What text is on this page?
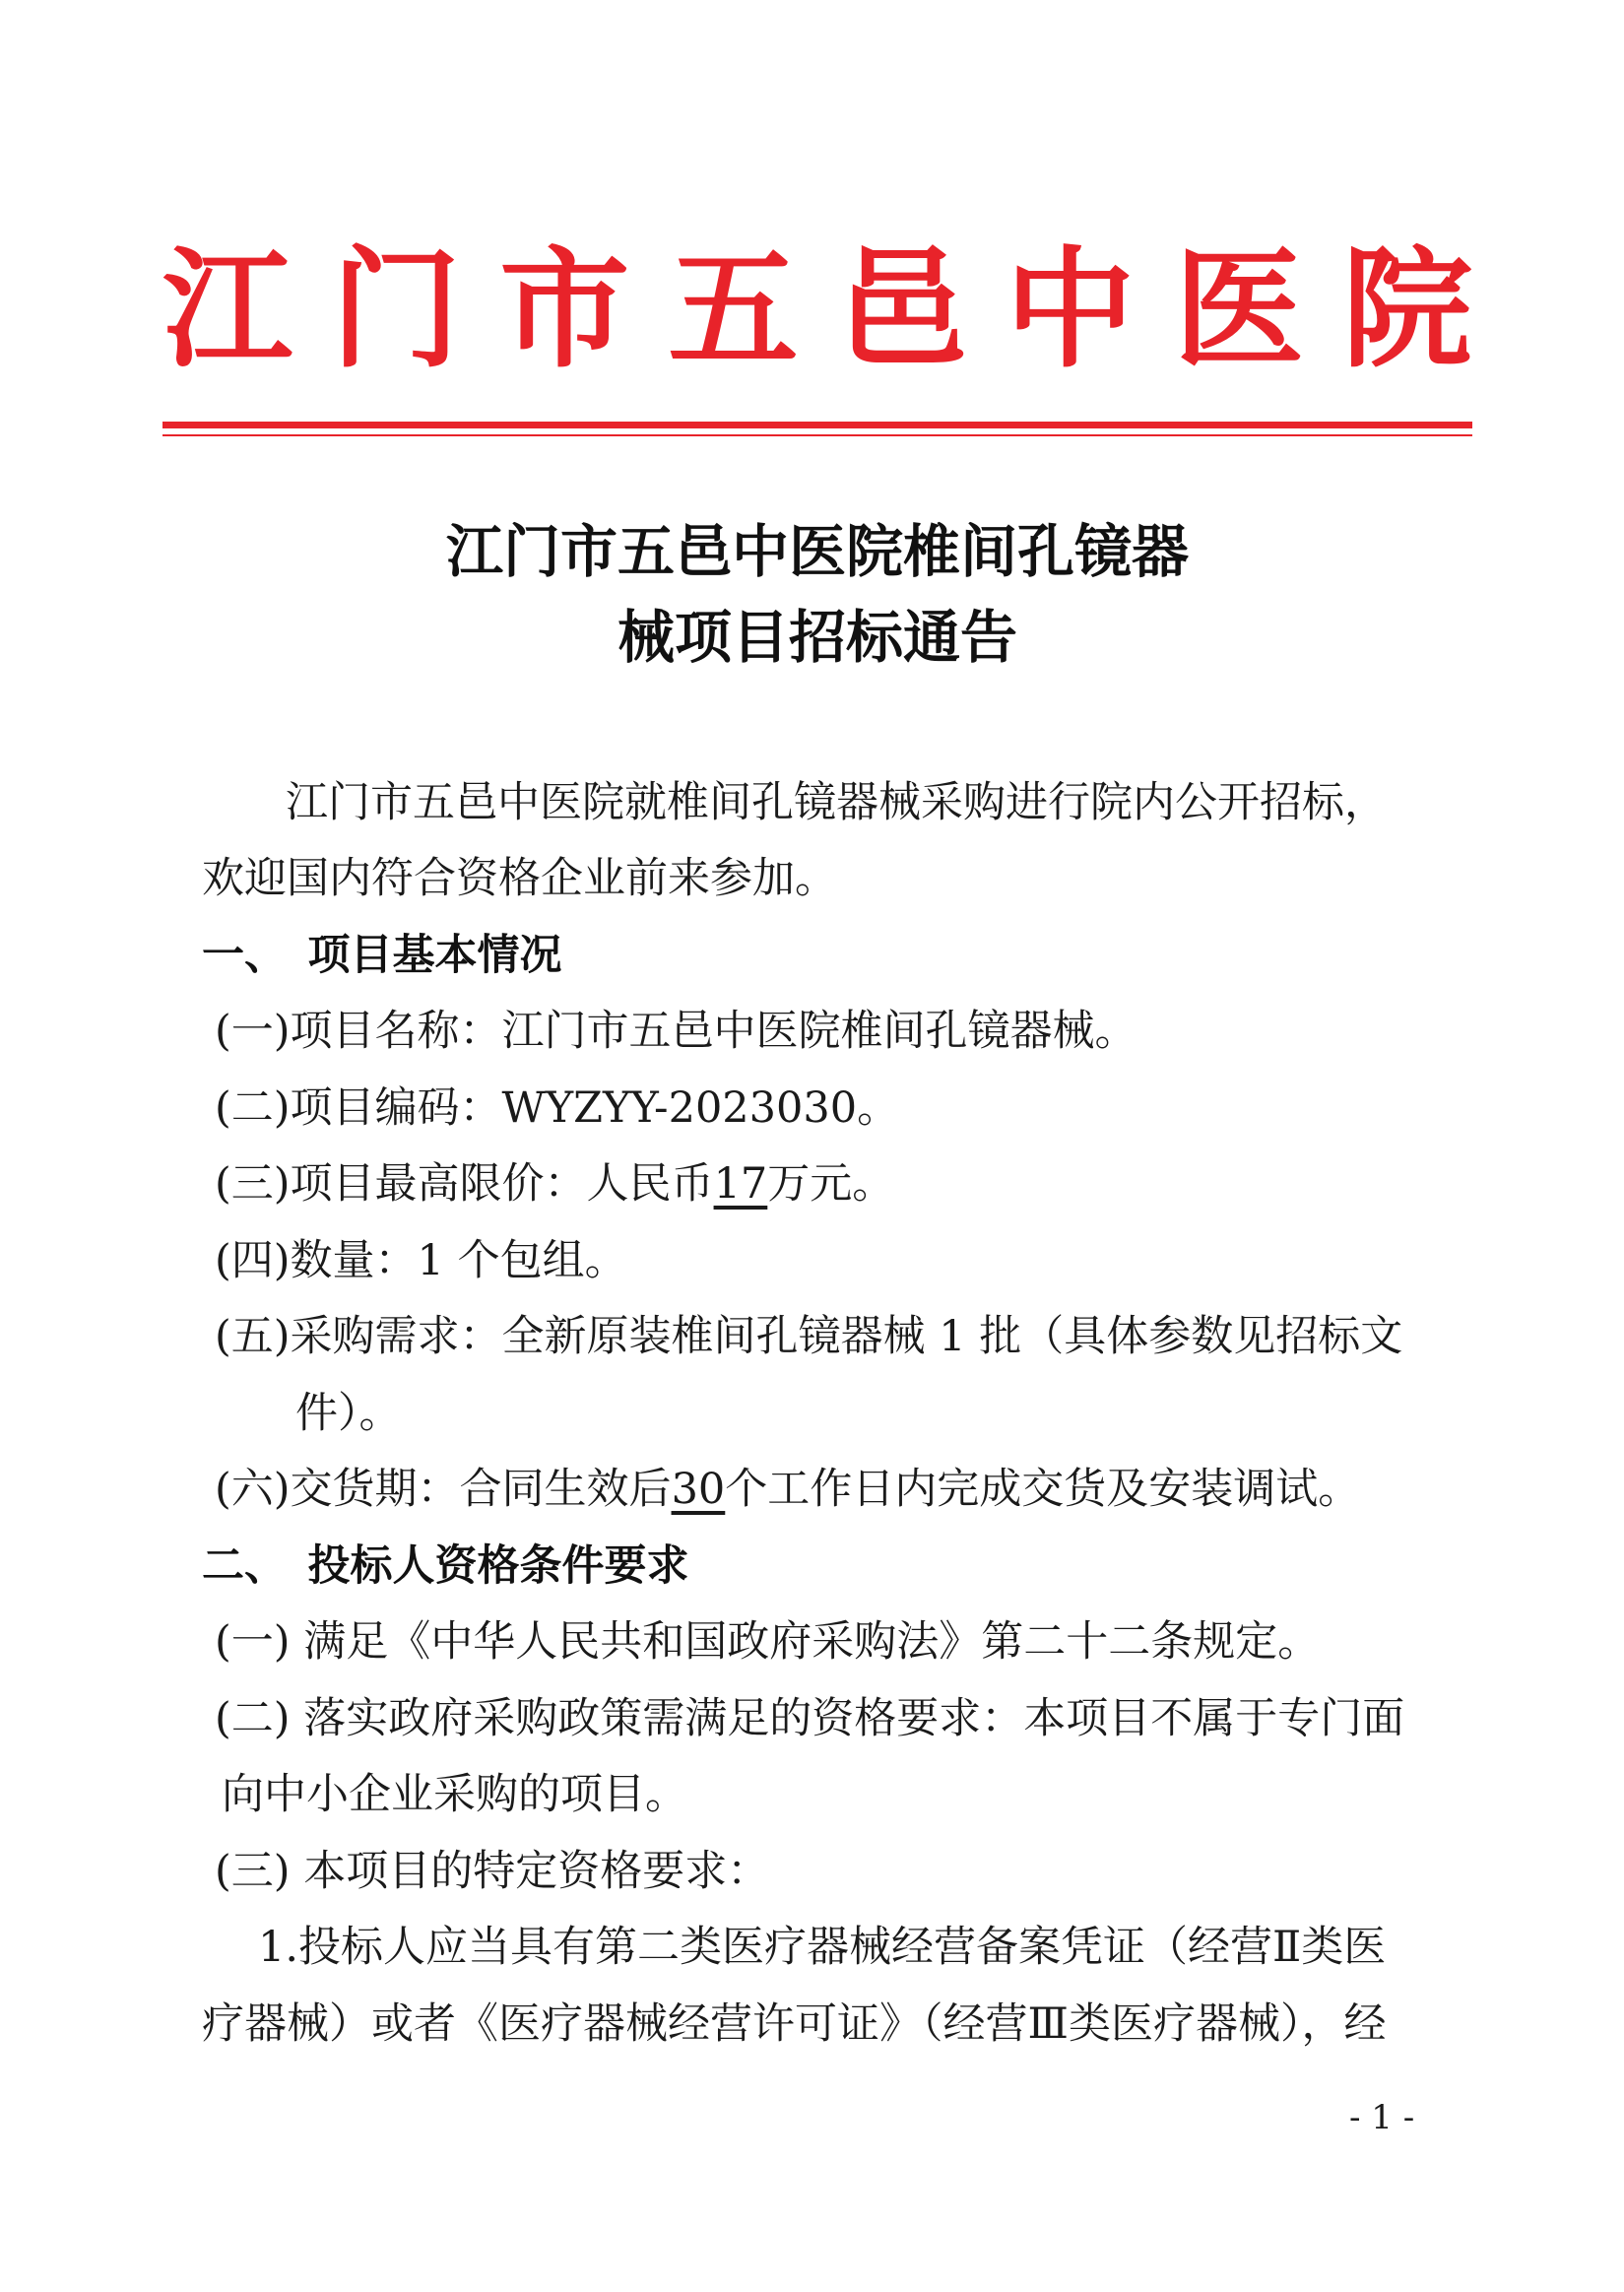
江 门 市 五 邑 中 医 院
江门市五邑中医院椎间孔镜器
械项目招标通告
江门市五邑中医院就椎间孔镜器械采购进行院内公开招标，
欢迎国内符合资格企业前来参加。
一、　项目基本情况
(一)项目名称：江门市五邑中医院椎间孔镜器械。
(二)项目编码：WYZYY-2023030。
(三)项目最高限价：人民币17万元。
(四)数量：1 个包组。
(五)采购需求：全新原装椎间孔镜器械 1 批（具体参数见招标文
件）。
(六)交货期：合同生效后30个工作日内完成交货及安装调试。
二、　投标人资格条件要求
(一) 满足《中华人民共和国政府采购法》第二十二条规定。
(二) 落实政府采购政策需满足的资格要求：本项目不属于专门面
向中小企业采购的项目。
(三) 本项目的特定资格要求：
1.投标人应当具有第二类医疗器械经营备案凭证（经营Ⅱ类医
疗器械）或者《医疗器械经营许可证》（经营Ⅲ类医疗器械），经
- 1 -
